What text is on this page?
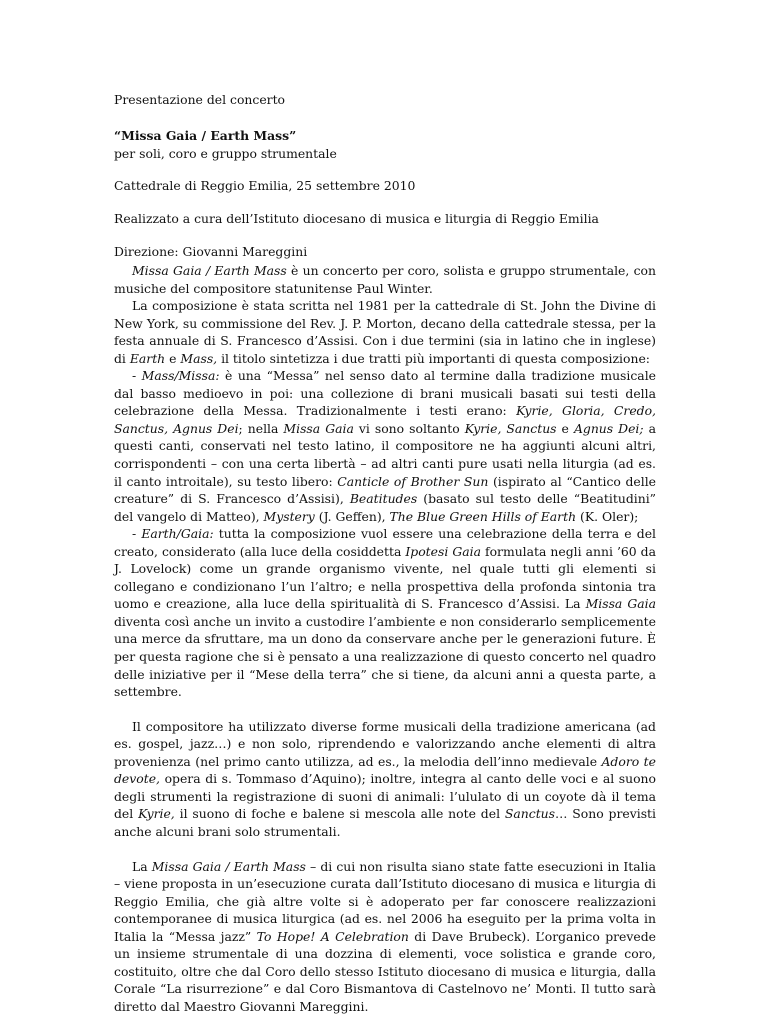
Presentazione del concerto

“Missa Gaia / Earth Mass”

per soli, coro e gruppo strumentale

Cattedrale di Reggio Emilia, 25 settembre 2010

Realizzato a cura dell’Istituto diocesano di musica e liturgia di Reggio Emilia

Direzione: Giovanni Mareggini

Missa Gaia / Earth Mass è un concerto per coro, solista e gruppo strumentale, con musiche del compositore statunitense Paul Winter.

La composizione è stata scritta nel 1981 per la cattedrale di St. John the Divine di New York, su commissione del Rev. J. P. Morton, decano della cattedrale stessa, per la festa annuale di S. Francesco d’Assisi. Con i due termini (sia in latino che in inglese) di Earth e Mass, il titolo sintetizza i due tratti più importanti di questa composizione:

- Mass/Missa: è una “Messa” nel senso dato al termine dalla tradizione musicale dal basso medioevo in poi: una collezione di brani musicali basati sui testi della celebrazione della Messa. Tradizionalmente i testi erano: Kyrie, Gloria, Credo, Sanctus, Agnus Dei; nella Missa Gaia vi sono soltanto Kyrie, Sanctus e Agnus Dei; a questi canti, conservati nel testo latino, il compositore ne ha aggiunti alcuni altri, corrispondenti – con una certa libertà – ad altri canti pure usati nella liturgia (ad es. il canto introitale), su testo libero: Canticle of Brother Sun (ispirato al “Cantico delle creature” di S. Francesco d’Assisi), Beatitudes (basato sul testo delle “Beatitudini” del vangelo di Matteo), Mystery (J. Geffen), The Blue Green Hills of Earth (K. Oler);

- Earth/Gaia: tutta la composizione vuol essere una celebrazione della terra e del creato, considerato (alla luce della cosiddetta Ipotesi Gaia formulata negli anni ’60 da J. Lovelock) come un grande organismo vivente, nel quale tutti gli elementi si collegano e condizionano l’un l’altro; e nella prospettiva della profonda sintonia tra uomo e creazione, alla luce della spiritualità di S. Francesco d’Assisi. La Missa Gaia diventa così anche un invito a custodire l’ambiente e non considerarlo semplicemente una merce da sfruttare, ma un dono da conservare anche per le generazioni future. È per questa ragione che si è pensato a una realizzazione di questo concerto nel quadro delle iniziative per il “Mese della terra” che si tiene, da alcuni anni a questa parte, a settembre.

Il compositore ha utilizzato diverse forme musicali della tradizione americana (ad es. gospel, jazz…) e non solo, riprendendo e valorizzando anche elementi di altra provenienza (nel primo canto utilizza, ad es., la melodia dell’inno medievale Adoro te devote, opera di s. Tommaso d’Aquino); inoltre, integra al canto delle voci e al suono degli strumenti la registrazione di suoni di animali: l’ululato di un coyote dà il tema del Kyrie, il suono di foche e balene si mescola alle note del Sanctus… Sono previsti anche alcuni brani solo strumentali.

La Missa Gaia / Earth Mass – di cui non risulta siano state fatte esecuzioni in Italia – viene proposta in un’esecuzione curata dall’Istituto diocesano di musica e liturgia di Reggio Emilia, che già altre volte si è adoperato per far conoscere realizzazioni contemporanee di musica liturgica (ad es. nel 2006 ha eseguito per la prima volta in Italia la “Messa jazz” To Hope! A Celebration di Dave Brubeck). L’organico prevede un insieme strumentale di una dozzina di elementi, voce solistica e grande coro, costituito, oltre che dal Coro dello stesso Istituto diocesano di musica e liturgia, dalla Corale “La risurrezione” e dal Coro Bismantova di Castelnovo ne’ Monti. Il tutto sarà diretto dal Maestro Giovanni Mareggini.
